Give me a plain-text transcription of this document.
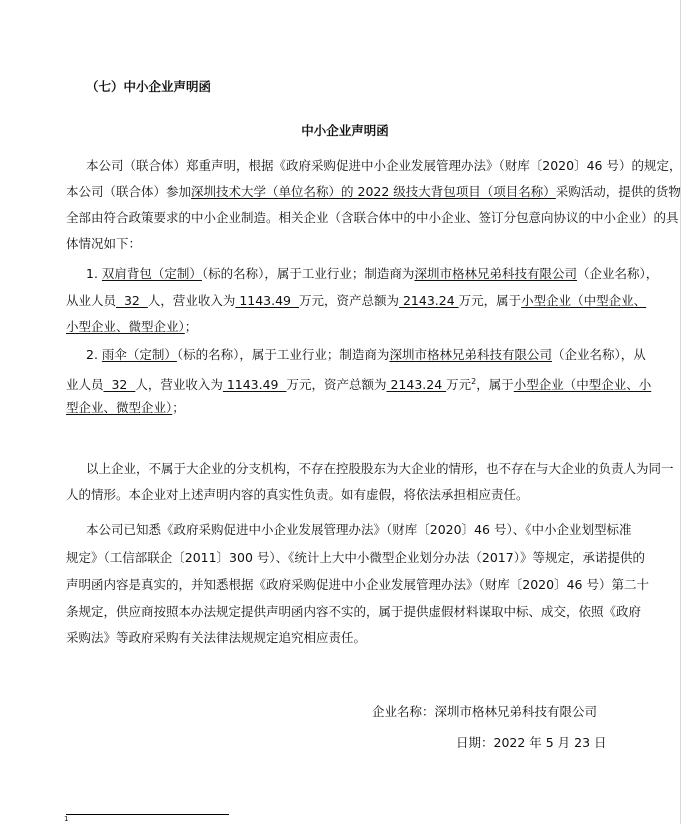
（七）中小企业声明函
中小企业声明函
本公司（联合体）郑重声明，根据《政府采购促进中小企业发展管理办法》（财库〔2020〕46 号）的规定，
本公司（联合体）参加深圳技术大学（单位名称）的 2022 级技大背包项目（项目名称）采购活动，提供的货物
全部由符合政策要求的中小企业制造。相关企业（含联合体中的中小企业、签订分包意向协议的中小企业）的具
体情况如下：
1. 双肩背包（定制）（标的名称），属于工业行业；制造商为深圳市格林兄弟科技有限公司（企业名称），
从业人员  32  人，营业收入为 1143.49  万元，资产总额为 2143.24 万元，属于小型企业（中型企业、
小型企业、微型企业）；
2. 雨伞（定制）（标的名称），属于工业行业；制造商为深圳市格林兄弟科技有限公司（企业名称），从
业人员  32  人，营业收入为 1143.49  万元，资产总额为 2143.24 万元$^2$，属于小型企业（中型企业、小
型企业、微型企业）；
以上企业，不属于大企业的分支机构，不存在控股股东为大企业的情形，也不存在与大企业的负责人为同一
人的情形。本企业对上述声明内容的真实性负责。如有虚假，将依法承担相应责任。
本公司已知悉《政府采购促进中小企业发展管理办法》（财库〔2020〕46 号）、《中小企业划型标准
规定》（工信部联企〔2011〕300 号）、《统计上大中小微型企业划分办法（2017）》等规定，承诺提供的
声明函内容是真实的，并知悉根据《政府采购促进中小企业发展管理办法》（财库〔2020〕46 号）第二十
条规定，供应商按照本办法规定提供声明函内容不实的，属于提供虚假材料谋取中标、成交，依照《政府
采购法》等政府采购有关法律法规规定追究相应责任。
企业名称：深圳市格林兄弟科技有限公司
日期：2022 年 5 月 23 日
1
